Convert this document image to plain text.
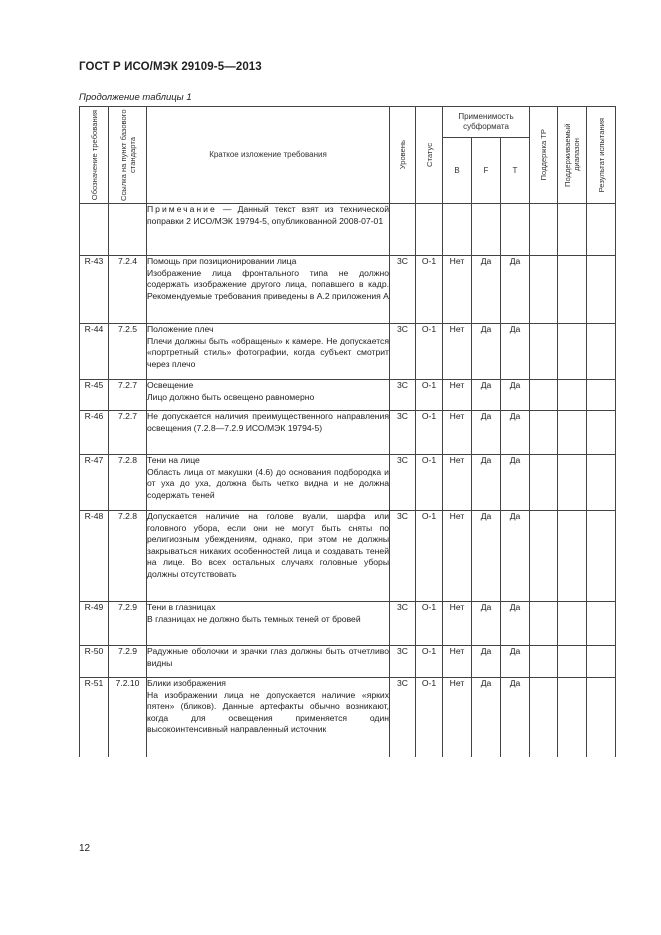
ГОСТ Р ИСО/МЭК 29109-5—2013
Продолжение таблицы 1
Обозначение требования	Ссылка на пункт базового стандарта	Краткое изложение требования	Уровень	Статус	Применимость субформата			Поддержка ТР	Поддерживаемый диапазон	Результат испытания

B	F	T			

		Примечание — Данный текст взят из технической поправки 2 ИСО/МЭК 19794-5, опубликованной 2008-07-01								
R-43	7.2.4	Помощь при позиционировании лица
Изображение лица фронтального типа не должно содержать изображение другого лица, попавшего в кадр. Рекомендуемые требования приведены в А.2 приложения А	3С	О-1	Нет	Да	Да			
R-44	7.2.5	Положение плеч
Плечи должны быть «обращены» к камере. Не допускается «портретный стиль» фотографии, когда субъект смотрит через плечо	3С	О-1	Нет	Да	Да			
R-45	7.2.7	Освещение
Лицо должно быть освещено равномерно	3С	О-1	Нет	Да	Да			
R-46	7.2.7	Не допускается наличия преимущественного направления освещения (7.2.8—7.2.9 ИСО/МЭК 19794-5)	3С	О-1	Нет	Да	Да			
R-47	7.2.8	Тени на лице
Область лица от макушки (4.6) до основания подбородка и от уха до уха, должна быть четко видна и не должна содержать теней	3С	О-1	Нет	Да	Да			
R-48	7.2.8	Допускается наличие на голове вуали, шарфа или головного убора, если они не могут быть сняты по религиозным убеждениям, однако, при этом не должны закрываться никаких особенностей лица и создавать теней на лице. Во всех остальных случаях головные уборы должны отсутствовать	3С	О-1	Нет	Да	Да			
R-49	7.2.9	Тени в глазницах
В глазницах не должно быть темных теней от бровей	3С	О-1	Нет	Да	Да			
R-50	7.2.9	Радужные оболочки и зрачки глаз должны быть отчетливо видны	3С	О-1	Нет	Да	Да			
R-51	7.2.10	Блики изображения
На изображении лица не допускается наличие «ярких пятен» (бликов). Данные артефакты обычно возникают, когда для освещения применяется один высокоинтенсивный направленный источник	3С	О-1	Нет	Да	Да			
12
